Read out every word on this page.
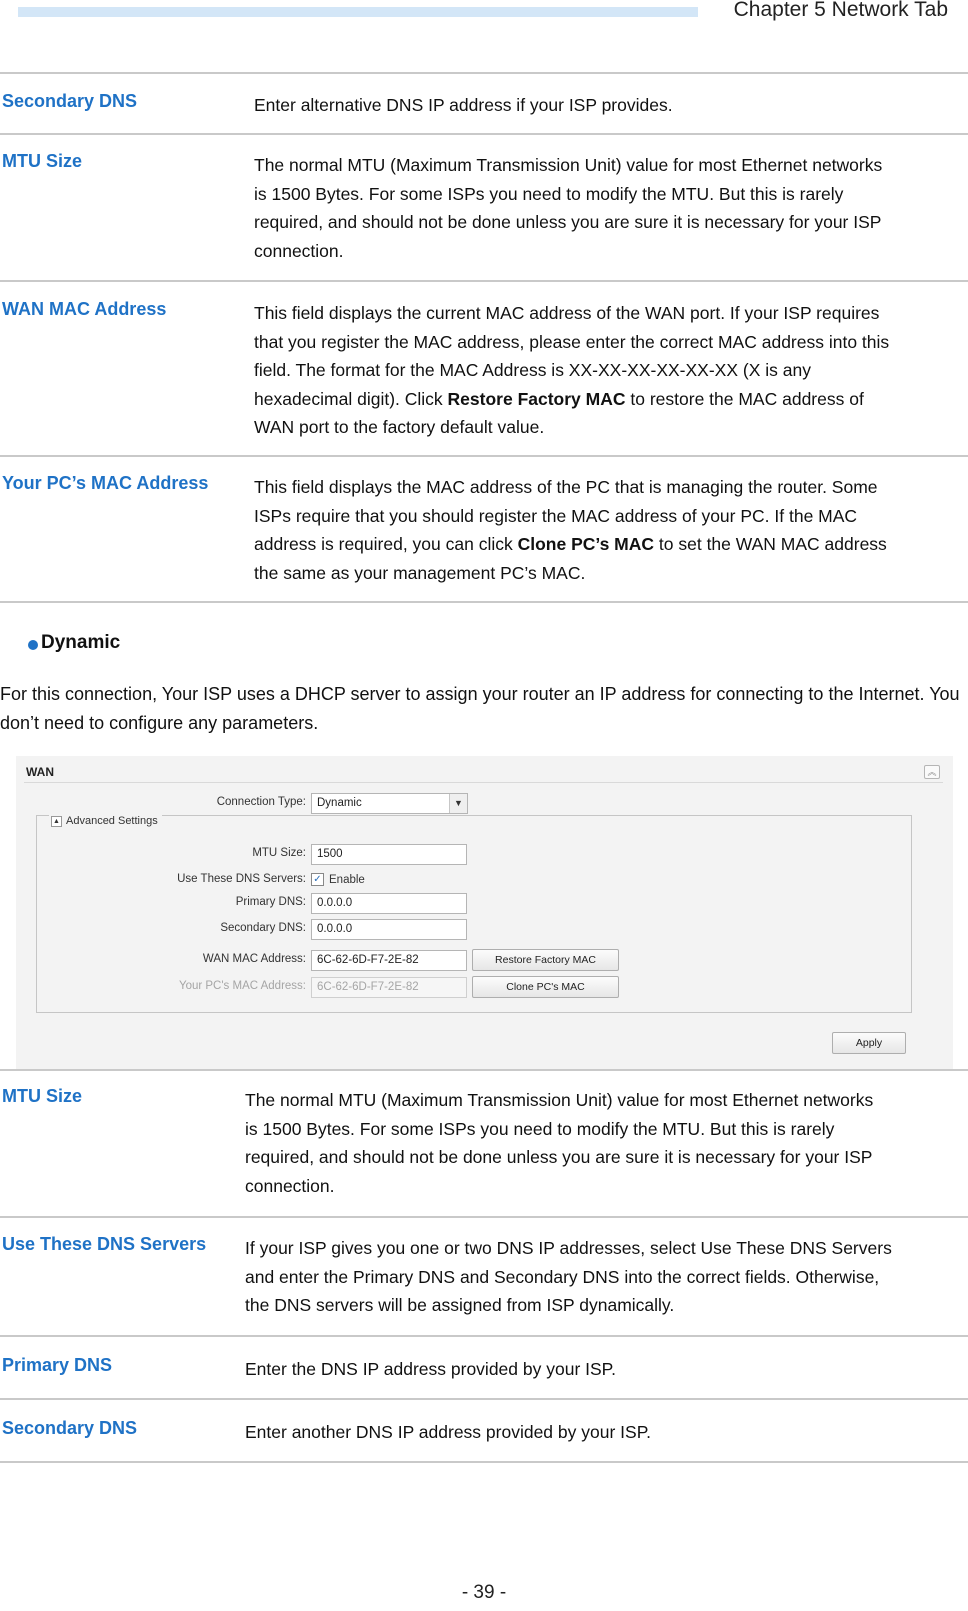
Chapter 5 Network Tab
Secondary DNS	Enter alternative DNS IP address if your ISP provides.
MTU Size	The normal MTU (Maximum Transmission Unit) value for most Ethernet networks
is 1500 Bytes. For some ISPs you need to modify the MTU. But this is rarely
required, and should not be done unless you are sure it is necessary for your ISP
connection.
WAN MAC Address	This field displays the current MAC address of the WAN port. If your ISP requires
that you register the MAC address, please enter the correct MAC address into this
field. The format for the MAC Address is XX-XX-XX-XX-XX-XX (X is any
hexadecimal digit). Click Restore Factory MAC to restore the MAC address of
WAN port to the factory default value.
Your PC’s MAC Address	This field displays the MAC address of the PC that is managing the router. Some
ISPs require that you should register the MAC address of your PC. If the MAC
address is required, you can click Clone PC’s MAC to set the WAN MAC address
the same as your management PC’s MAC.
Dynamic
For this connection, Your ISP uses a DHCP server to assign your router an IP address for connecting to the Internet. You don’t need to configure any parameters.
WAN	︽
Connection Type: Dynamic	▼
▲ Advanced Settings
MTU Size: 1500
Use These DNS Servers: ✓ Enable
Primary DNS: 0.0.0.0
Secondary DNS: 0.0.0.0
WAN MAC Address: 6C-62-6D-F7-2E-82	Restore Factory MAC
Your PC's MAC Address: 6C-62-6D-F7-2E-82	Clone PC's MAC
Apply
MTU Size	The normal MTU (Maximum Transmission Unit) value for most Ethernet networks
is 1500 Bytes. For some ISPs you need to modify the MTU. But this is rarely
required, and should not be done unless you are sure it is necessary for your ISP
connection.
Use These DNS Servers	If your ISP gives you one or two DNS IP addresses, select Use These DNS Servers
and enter the Primary DNS and Secondary DNS into the correct fields. Otherwise,
the DNS servers will be assigned from ISP dynamically.
Primary DNS	Enter the DNS IP address provided by your ISP.
Secondary DNS	Enter another DNS IP address provided by your ISP.
- 39 -
